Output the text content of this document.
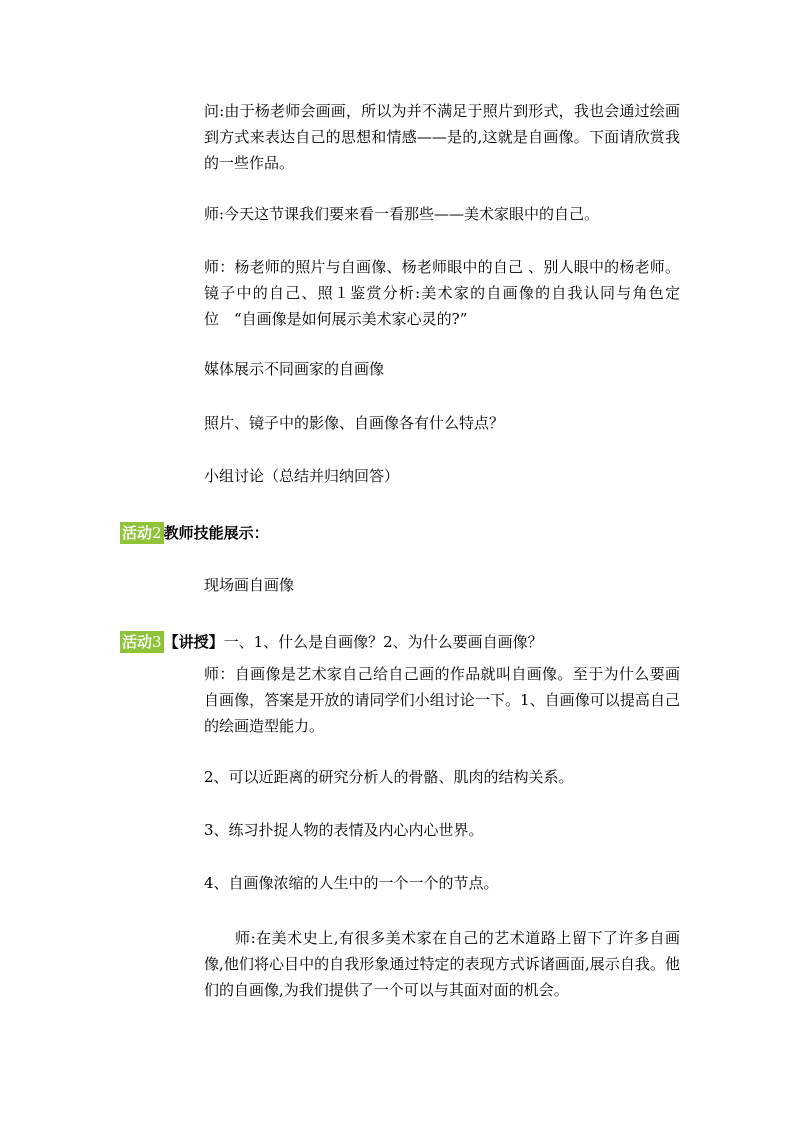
问:由于杨老师会画画，所以为并不满足于照片到形式，我也会通过绘画到方式来表达自己的思想和情感——是的,这就是自画像。下面请欣赏我的一些作品。

师:今天这节课我们要来看一看那些——美术家眼中的自己。

师：杨老师的照片与自画像、杨老师眼中的自己 、别人眼中的杨老师。镜子中的自己、照１鉴赏分析:美术家的自画像的自我认同与角色定位　“自画像是如何展示美术家心灵的?”

媒体展示不同画家的自画像

照片、镜子中的影像、自画像各有什么特点？

小组讨论（总结并归纳回答）

活动2 教师技能展示：

现场画自画像

活动3 【讲授】一、1、什么是自画像？2、为什么要画自画像？

师：自画像是艺术家自己给自己画的作品就叫自画像。至于为什么要画自画像，答案是开放的请同学们小组讨论一下。1、自画像可以提高自己的绘画造型能力。

2、可以近距离的研究分析人的骨骼、肌肉的结构关系。

3、练习扑捉人物的表情及内心内心世界。

4、自画像浓缩的人生中的一个一个的节点。

　　师:在美术史上,有很多美术家在自己的艺术道路上留下了许多自画像,他们将心目中的自我形象通过特定的表现方式诉诸画面,展示自我。他们的自画像,为我们提供了一个可以与其面对面的机会。
